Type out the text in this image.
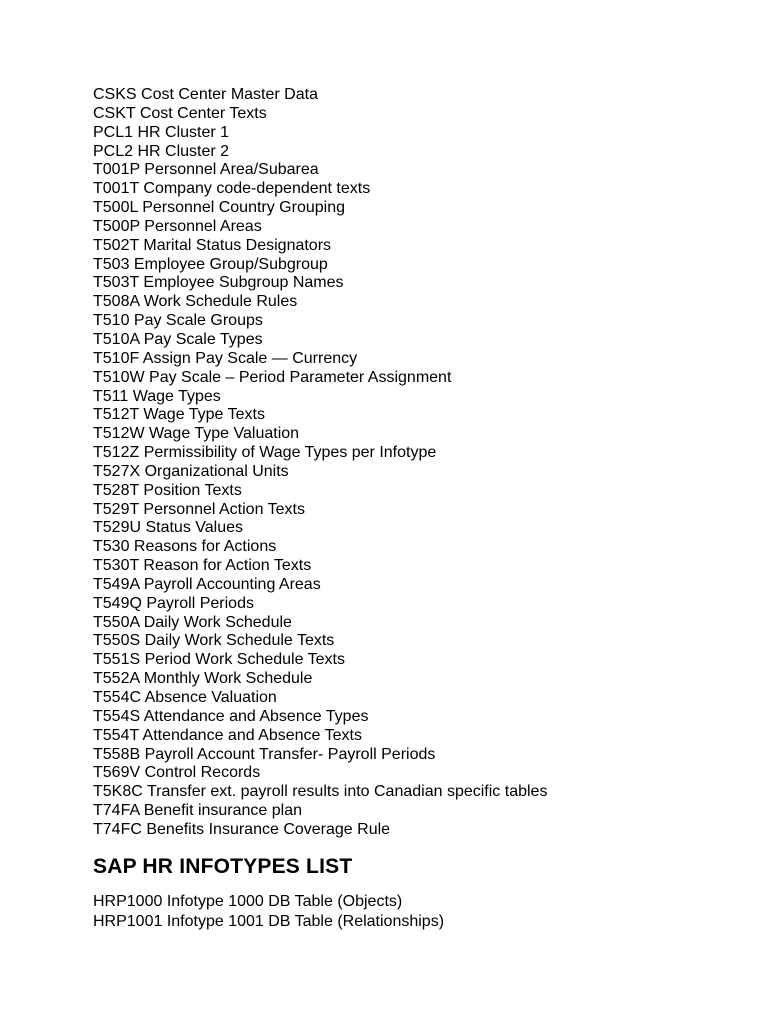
CSKS Cost Center Master Data
CSKT Cost Center Texts
PCL1 HR Cluster 1
PCL2 HR Cluster 2
T001P Personnel Area/Subarea
T001T Company code-dependent texts
T500L Personnel Country Grouping
T500P Personnel Areas
T502T Marital Status Designators
T503 Employee Group/Subgroup
T503T Employee Subgroup Names
T508A Work Schedule Rules
T510 Pay Scale Groups
T510A Pay Scale Types
T510F Assign Pay Scale — Currency
T510W Pay Scale – Period Parameter Assignment
T511 Wage Types
T512T Wage Type Texts
T512W Wage Type Valuation
T512Z Permissibility of Wage Types per Infotype
T527X Organizational Units
T528T Position Texts
T529T Personnel Action Texts
T529U Status Values
T530 Reasons for Actions
T530T Reason for Action Texts
T549A Payroll Accounting Areas
T549Q Payroll Periods
T550A Daily Work Schedule
T550S Daily Work Schedule Texts
T551S Period Work Schedule Texts
T552A Monthly Work Schedule
T554C Absence Valuation
T554S Attendance and Absence Types
T554T Attendance and Absence Texts
T558B Payroll Account Transfer- Payroll Periods
T569V Control Records
T5K8C Transfer ext. payroll results into Canadian specific tables
T74FA Benefit insurance plan
T74FC Benefits Insurance Coverage Rule
SAP HR INFOTYPES LIST
HRP1000 Infotype 1000 DB Table (Objects)
HRP1001 Infotype 1001 DB Table (Relationships)
